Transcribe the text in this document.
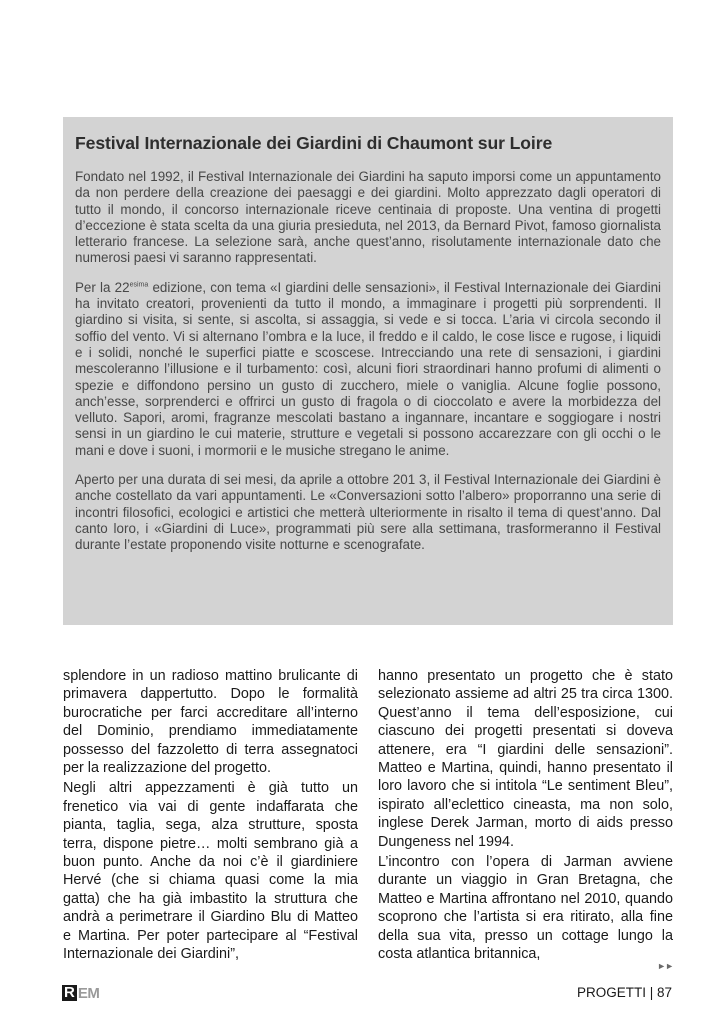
Festival Internazionale dei Giardini di Chaumont sur Loire

Fondato nel 1992, il Festival Internazionale dei Giardini ha saputo imporsi come un appuntamento da non perdere della creazione dei paesaggi e dei giardini. Molto apprezzato dagli operatori di tutto il mondo, il concorso internazionale riceve centinaia di proposte. Una ventina di progetti d’eccezione è stata scelta da una giuria presieduta, nel 2013, da Bernard Pivot, famoso giornalista letterario francese. La selezione sarà, anche quest’anno, risolutamente internazionale dato che numerosi paesi vi saranno rappresentati.

Per la $22^{esima}$ edizione, con tema «I giardini delle sensazioni», il Festival Internazionale dei Giardini ha invitato creatori, provenienti da tutto il mondo, a immaginare i progetti più sorprendenti. Il giardino si visita, si sente, si ascolta, si assaggia, si vede e si tocca. L’aria vi circola secondo il soffio del vento. Vi si alternano l’ombra e la luce, il freddo e il caldo, le cose lisce e rugose, i liquidi e i solidi, nonché le superfici piatte e scoscese. Intrecciando una rete di sensazioni, i giardini mescoleranno l’illusione e il turbamento: così, alcuni fiori straordinari hanno profumi di alimenti o spezie e diffondono persino un gusto di zucchero, miele o vaniglia. Alcune foglie possono, anch’esse, sorprenderci e offrirci un gusto di fragola o di cioccolato e avere la morbidezza del velluto. Sapori, aromi, fragranze mescolati bastano a ingannare, incantare e soggiogare i nostri sensi in un giardino le cui materie, strutture e vegetali si possono accarezzare con gli occhi o le mani e dove i suoni, i mormorii e le musiche stregano le anime.

Aperto per una durata di sei mesi, da aprile a ottobre 201 3, il Festival Internazionale dei Giardini è anche costellato da vari appuntamenti. Le «Conversazioni sotto l’albero» proporranno una serie di incontri filosofici, ecologici e artistici che metterà ulteriormente in risalto il tema di quest’anno. Dal canto loro, i «Giardini di Luce», programmati più sere alla settimana, trasformeranno il Festival durante l’estate proponendo visite notturne e scenografate.

splendore in un radioso mattino brulicante di primavera dappertutto. Dopo le formalità burocratiche per farci accreditare all’interno del Dominio, prendiamo immediatamente possesso del fazzoletto di terra assegnatoci per la realizzazione del progetto.

Negli altri appezzamenti è già tutto un frenetico via vai di gente indaffarata che pianta, taglia, sega, alza strutture, sposta terra, dispone pietre… molti sembrano già a buon punto. Anche da noi c’è il giardiniere Hervé (che si chiama quasi come la mia gatta) che ha già imbastito la struttura che andrà a perimetrare il Giardino Blu di Matteo e Martina. Per poter partecipare al “Festival Internazionale dei Giardini”,

hanno presentato un progetto che è stato selezionato assieme ad altri 25 tra circa 1300. Quest’anno il tema dell’esposizione, cui ciascuno dei progetti presentati si doveva attenere, era “I giardini delle sensazioni”. Matteo e Martina, quindi, hanno presentato il loro lavoro che si intitola “Le sentiment Bleu”, ispirato all’eclettico cineasta, ma non solo, inglese Derek Jarman, morto di aids presso Dungeness nel 1994.

L’incontro con l’opera di Jarman avviene durante un viaggio in Gran Bretagna, che Matteo e Martina affrontano nel 2010, quando scoprono che l’artista si era ritirato, alla fine della sua vita, presso un cottage lungo la costa atlantica britannica,

►►
R EM	PROGETTI | 87
